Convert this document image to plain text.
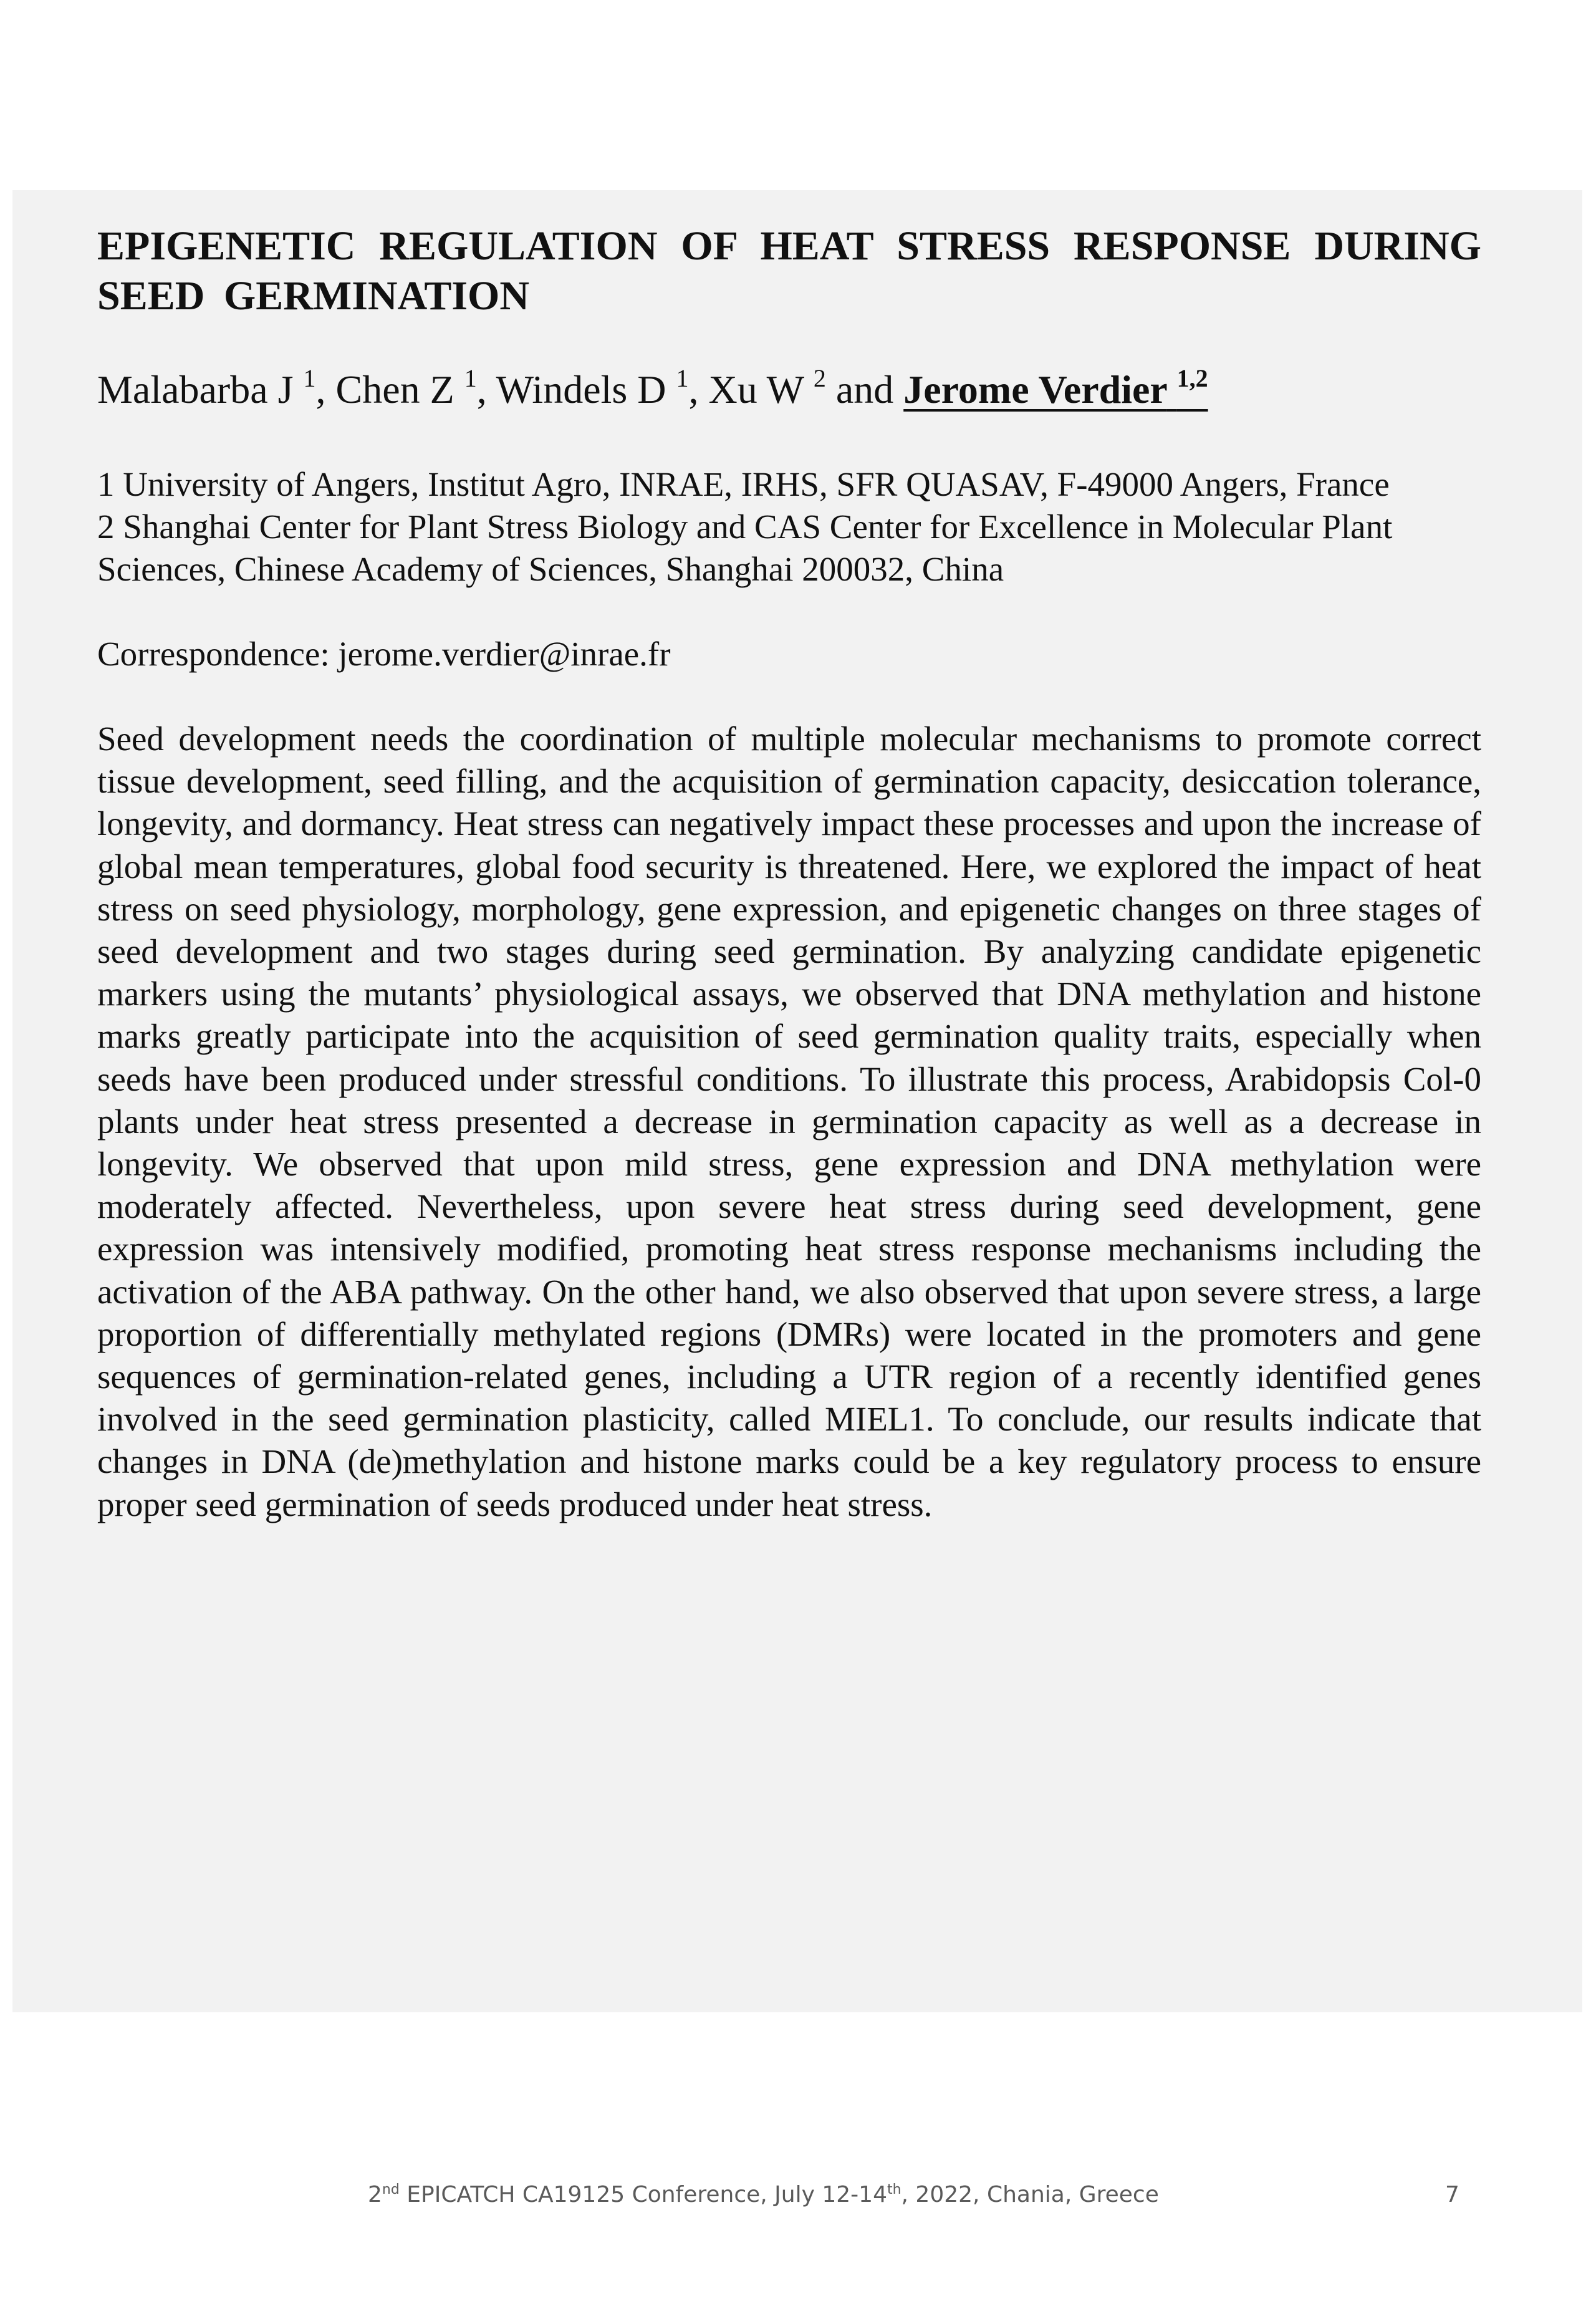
EPIGENETIC REGULATION OF HEAT STRESS RESPONSE DURING SEED GERMINATION
Malabarba J $^1$, Chen Z $^1$, Windels D $^1$, Xu W $^2$ and Jerome Verdier $^{1,2}$
1 University of Angers, Institut Agro, INRAE, IRHS, SFR QUASAV, F-49000 Angers, France
2 Shanghai Center for Plant Stress Biology and CAS Center for Excellence in Molecular Plant Sciences, Chinese Academy of Sciences, Shanghai 200032, China
Correspondence: jerome.verdier@inrae.fr

Seed development needs the coordination of multiple molecular mechanisms to promote correct tissue development, seed filling, and the acquisition of germination capacity, desiccation tolerance, longevity, and dormancy. Heat stress can negatively impact these processes and upon the increase of global mean temperatures, global food security is threatened. Here, we explored the impact of heat stress on seed physiology, morphology, gene expression, and epigenetic changes on three stages of seed development and two stages during seed germination. By analyzing candidate epigenetic markers using the mutants’ physiological assays, we observed that DNA methylation and histone marks greatly participate into the acquisition of seed germination quality traits, especially when seeds have been produced under stressful conditions. To illustrate this process, Arabidopsis Col-0 plants under heat stress presented a decrease in germination capacity as well as a decrease in longevity. We observed that upon mild stress, gene expression and DNA methylation were moderately affected. Nevertheless, upon severe heat stress during seed development, gene expression was intensively modified, promoting heat stress response mechanisms including the activation of the ABA pathway. On the other hand, we also observed that upon severe stress, a large proportion of differentially methylated regions (DMRs) were located in the promoters and gene sequences of germination-related genes, including a UTR region of a recently identified genes involved in the seed germination plasticity, called MIEL1. To conclude, our results indicate that changes in DNA (de)methylation and histone marks could be a key regulatory process to ensure proper seed germination of seeds produced under heat stress.

2nd EPICATCH CA19125 Conference, July 12-14th, 2022, Chania, Greece	7
